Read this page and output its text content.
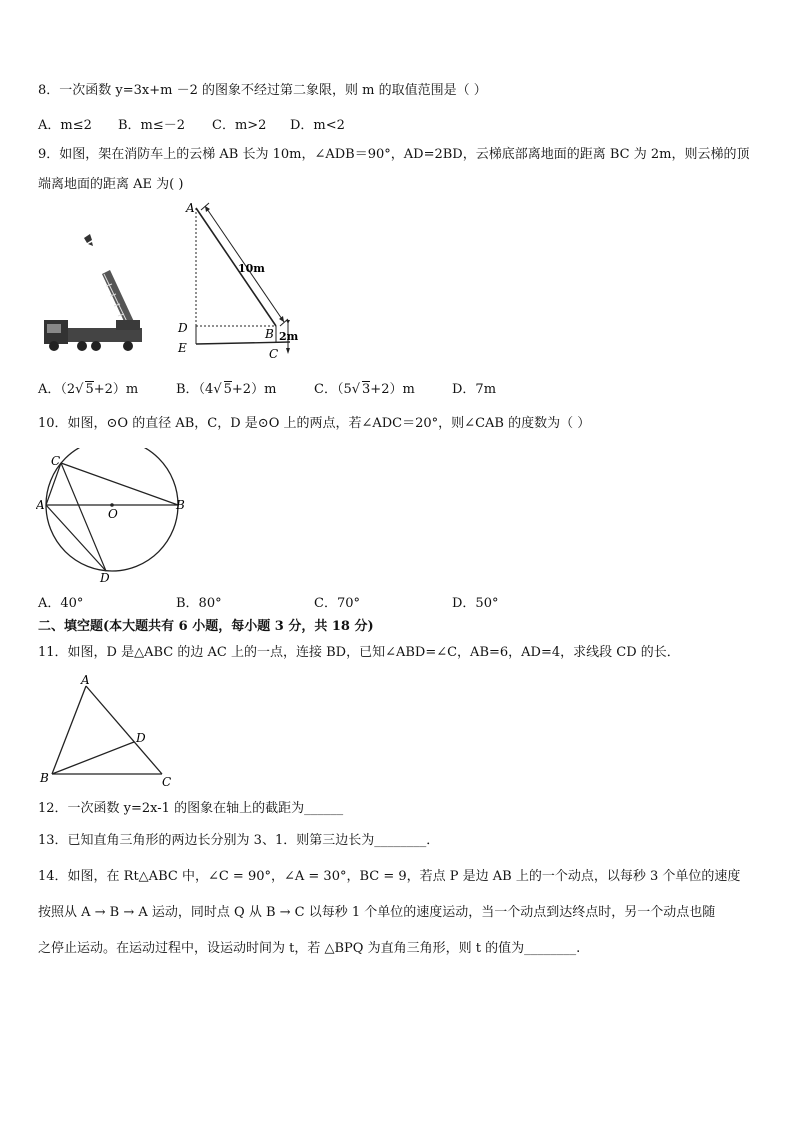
8．一次函数 y=3x+m －2 的图象不经过第二象限，则 m 的取值范围是（ ）
A．m≤2 B．m≤－2 C．m>2 D．m<2
9．如图，架在消防车上的云梯 AB 长为 10m，∠ADB＝90°，AD=2BD，云梯底部离地面的距离 BC 为 2m，则云梯的顶
端离地面的距离 AE 为( )
A
10m
D
E
B 2m
C
A．（2√ 5+2）m	B．（4√ 5+2）m	C．（5√ 3+2）m	D．7m
10．如图，⊙O 的直径 AB，C，D 是⊙O 上的两点，若∠ADC＝20°，则∠CAB 的度数为（ ）
C
A
O
B
D
A．40°	B．80°	C．70°	D．50°
二、填空题(本大题共有 6 小题，每小题 3 分，共 18 分)
11．如图，D 是△ABC 的边 AC 上的一点，连接 BD，已知∠ABD=∠C，AB=6，AD=4，求线段 CD 的长．
A
D
B	C
12．一次函数 y=2x-1 的图象在轴上的截距为______
13．已知直角三角形的两边长分别为 3、1．则第三边长为________．
14．如图，在 Rt△ABC 中，∠C = 90°，∠A = 30°，BC = 9，若点 P 是边 AB 上的一个动点，以每秒 3 个单位的速度
按照从 A → B → A 运动，同时点 Q 从 B → C 以每秒 1 个单位的速度运动，当一个动点到达终点时，另一个动点也随
之停止运动。在运动过程中，设运动时间为 t，若 △BPQ 为直角三角形，则 t 的值为________.
